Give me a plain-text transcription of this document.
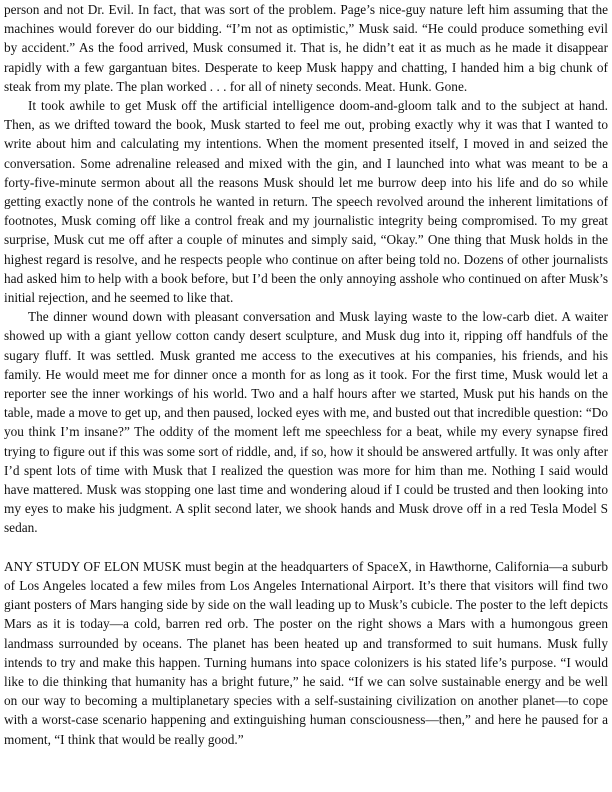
person and not Dr. Evil. In fact, that was sort of the problem. Page’s nice-guy nature left him assuming that the machines would forever do our bidding. “I’m not as optimistic,” Musk said. “He could produce something evil by accident.” As the food arrived, Musk consumed it. That is, he didn’t eat it as much as he made it disappear rapidly with a few gargantuan bites. Desperate to keep Musk happy and chatting, I handed him a big chunk of steak from my plate. The plan worked . . . for all of ninety seconds. Meat. Hunk. Gone.

It took awhile to get Musk off the artificial intelligence doom-and-gloom talk and to the subject at hand. Then, as we drifted toward the book, Musk started to feel me out, probing exactly why it was that I wanted to write about him and calculating my intentions. When the moment presented itself, I moved in and seized the conversation. Some adrenaline released and mixed with the gin, and I launched into what was meant to be a forty-five-minute sermon about all the reasons Musk should let me burrow deep into his life and do so while getting exactly none of the controls he wanted in return. The speech revolved around the inherent limitations of footnotes, Musk coming off like a control freak and my journalistic integrity being compromised. To my great surprise, Musk cut me off after a couple of minutes and simply said, “Okay.” One thing that Musk holds in the highest regard is resolve, and he respects people who continue on after being told no. Dozens of other journalists had asked him to help with a book before, but I’d been the only annoying asshole who continued on after Musk’s initial rejection, and he seemed to like that.

The dinner wound down with pleasant conversation and Musk laying waste to the low-carb diet. A waiter showed up with a giant yellow cotton candy desert sculpture, and Musk dug into it, ripping off handfuls of the sugary fluff. It was settled. Musk granted me access to the executives at his companies, his friends, and his family. He would meet me for dinner once a month for as long as it took. For the first time, Musk would let a reporter see the inner workings of his world. Two and a half hours after we started, Musk put his hands on the table, made a move to get up, and then paused, locked eyes with me, and busted out that incredible question: “Do you think I’m insane?” The oddity of the moment left me speechless for a beat, while my every synapse fired trying to figure out if this was some sort of riddle, and, if so, how it should be answered artfully. It was only after I’d spent lots of time with Musk that I realized the question was more for him than me. Nothing I said would have mattered. Musk was stopping one last time and wondering aloud if I could be trusted and then looking into my eyes to make his judgment. A split second later, we shook hands and Musk drove off in a red Tesla Model S sedan.

ANY STUDY OF ELON MUSK must begin at the headquarters of SpaceX, in Hawthorne, California—a suburb of Los Angeles located a few miles from Los Angeles International Airport. It’s there that visitors will find two giant posters of Mars hanging side by side on the wall leading up to Musk’s cubicle. The poster to the left depicts Mars as it is today—a cold, barren red orb. The poster on the right shows a Mars with a humongous green landmass surrounded by oceans. The planet has been heated up and transformed to suit humans. Musk fully intends to try and make this happen. Turning humans into space colonizers is his stated life’s purpose. “I would like to die thinking that humanity has a bright future,” he said. “If we can solve sustainable energy and be well on our way to becoming a multiplanetary species with a self-sustaining civilization on another planet—to cope with a worst-case scenario happening and extinguishing human consciousness—then,” and here he paused for a moment, “I think that would be really good.”
